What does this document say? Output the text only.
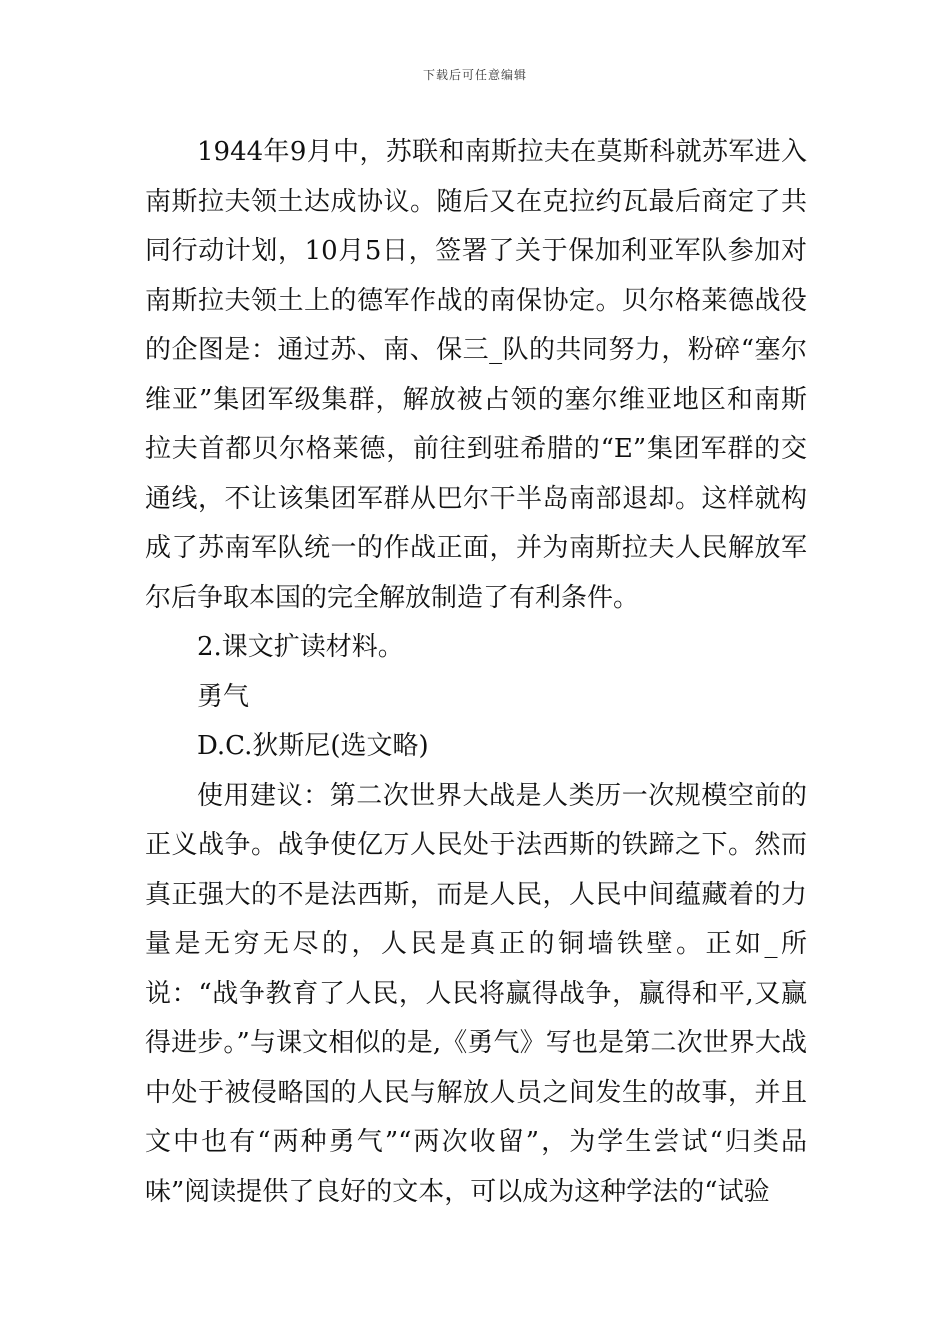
下载后可任意编辑

1944年9月中，苏联和南斯拉夫在莫斯科就苏军进入南斯拉夫领土达成协议。随后又在克拉约瓦最后商定了共同行动计划，10月5日，签署了关于保加利亚军队参加对南斯拉夫领土上的德军作战的南保协定。贝尔格莱德战役的企图是：通过苏、南、保三_队的共同努力，粉碎“塞尔维亚”集团军级集群，解放被占领的塞尔维亚地区和南斯拉夫首都贝尔格莱德，前往到驻希腊的“E”集团军群的交通线，不让该集团军群从巴尔干半岛南部退却。这样就构成了苏南军队统一的作战正面，并为南斯拉夫人民解放军尔后争取本国的完全解放制造了有利条件。

2.课文扩读材料。

勇气

D.C.狄斯尼(选文略)

使用建议：第二次世界大战是人类历一次规模空前的正义战争。战争使亿万人民处于法西斯的铁蹄之下。然而真正强大的不是法西斯，而是人民，人民中间蕴藏着的力量是无穷无尽的，人民是真正的铜墙铁壁。正如_所说：“战争教育了人民，人民将赢得战争，赢得和平,又赢得进步。”与课文相似的是,《勇气》写也是第二次世界大战中处于被侵略国的人民与解放人员之间发生的故事，并且文中也有“两种勇气”“两次收留”，为学生尝试“归类品味”阅读提供了良好的文本，可以成为这种学法的“试验
